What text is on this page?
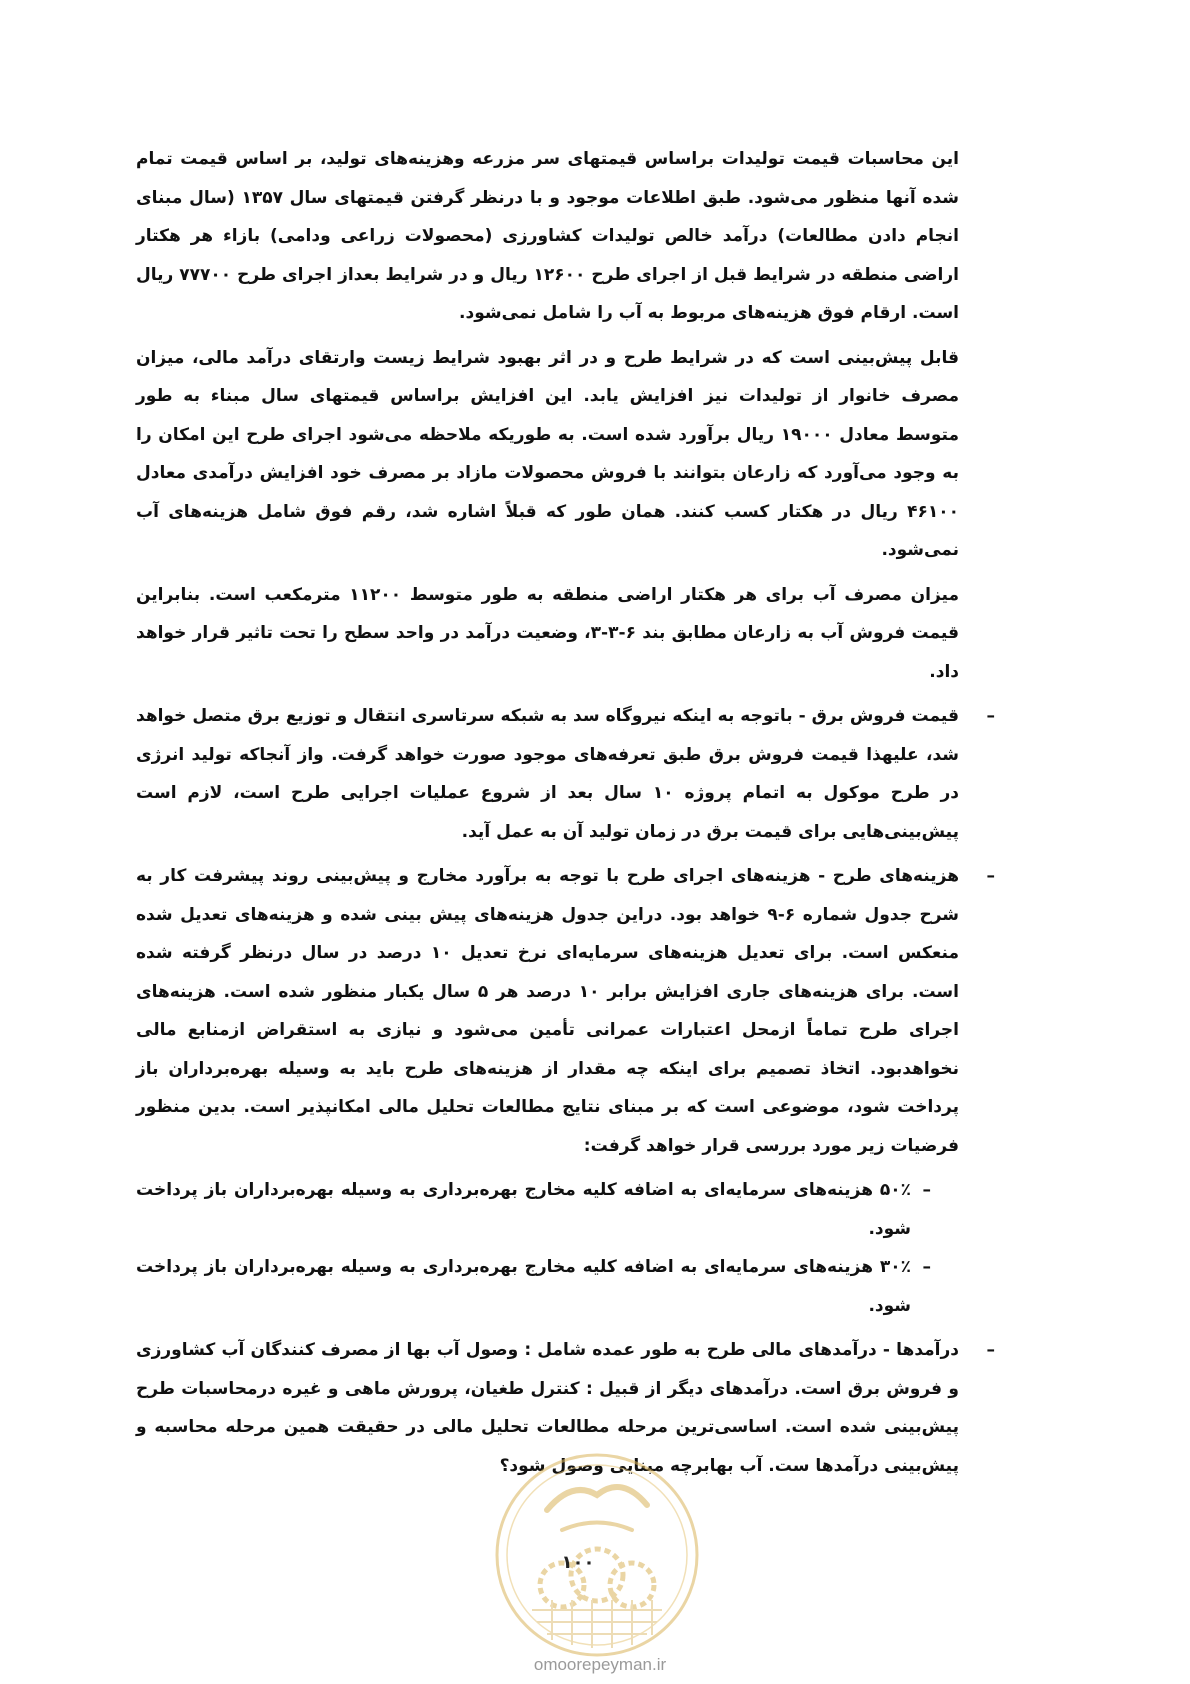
این محاسبات قیمت تولیدات براساس قیمتهای سر مزرعه وهزینه‌های تولید، بر اساس قیمت تمام شده آنها منظور می‌شود. طبق اطلاعات موجود و با درنظر گرفتن قیمتهای سال ۱۳۵۷ (سال مبنای انجام دادن مطالعات) درآمد خالص تولیدات کشاورزی (محصولات زراعی ودامی) بازاء هر هکتار اراضی منطقه در شرایط قبل از اجرای طرح ۱۲۶۰۰ ریال و در شرایط بعداز اجرای طرح ۷۷۷۰۰ ریال است. ارقام فوق هزینه‌های مربوط به آب را شامل نمی‌شود.

قابل پیش‌بینی است که در شرایط طرح و در اثر بهبود شرایط زیست وارتقای درآمد مالی، میزان مصرف خانوار از تولیدات نیز افزایش یابد. این افزایش براساس قیمتهای سال مبناء به طور متوسط معادل ۱۹۰۰۰ ریال برآورد شده است. به طوریکه ملاحظه می‌شود اجرای طرح این امکان را به وجود می‌آورد که زارعان بتوانند با فروش محصولات مازاد بر مصرف خود افزایش درآمدی معادل ۴۶۱۰۰ ریال در هکتار کسب کنند. همان طور که قبلاً اشاره شد، رقم فوق شامل هزینه‌های آب نمی‌شود.

میزان مصرف آب برای هر هکتار اراضی منطقه به طور متوسط ۱۱۲۰۰ مترمکعب است. بنابراین قیمت فروش آب به زارعان مطابق بند ۶-۳-۳، وضعیت درآمد در واحد سطح را تحت تاثیر قرار خواهد داد.

–
قیمت فروش برق - باتوجه به اینکه نیروگاه سد به شبکه سرتاسری انتقال و توزیع برق متصل خواهد شد، علیهذا قیمت فروش برق طبق تعرفه‌های موجود صورت خواهد گرفت. واز آنجاکه تولید انرژی در طرح موکول به اتمام پروژه ۱۰ سال بعد از شروع عملیات اجرایی طرح است، لازم است پیش‌بینی‌هایی برای قیمت برق در زمان تولید آن به عمل آید.
–
هزینه‌های طرح - هزینه‌های اجرای طرح با توجه به برآورد مخارج و پیش‌بینی روند پیشرفت کار به شرح جدول شماره ۶-۹ خواهد بود. دراین جدول هزینه‌های پیش بینی شده و هزینه‌های تعدیل شده منعکس است. برای تعدیل هزینه‌های سرمایه‌ای نرخ تعدیل ۱۰ درصد در سال درنظر گرفته شده است. برای هزینه‌های جاری افزایش برابر ۱۰ درصد هر ۵ سال یکبار منظور شده است. هزینه‌های اجرای طرح تماماً ازمحل اعتبارات عمرانی تأمین می‌شود و نیازی به استقراض ازمنابع مالی نخواهدبود. اتخاذ تصمیم برای اینکه چه مقدار از هزینه‌های طرح باید به وسیله بهره‌برداران باز پرداخت شود، موضوعی است که بر مبنای نتایج مطالعات تحلیل مالی امکانپذیر است. بدین منظور فرضیات زیر مورد بررسی قرار خواهد گرفت:
–
۵۰٪ هزینه‌های سرمایه‌ای به اضافه کلیه مخارج بهره‌برداری به وسیله بهره‌برداران باز پرداخت شود.
–
۳۰٪ هزینه‌های سرمایه‌ای به اضافه کلیه مخارج بهره‌برداری به وسیله بهره‌برداران باز پرداخت شود.
–
درآمدها - درآمدهای مالی طرح به طور عمده شامل : وصول آب بها از مصرف کنندگان آب کشاورزی و فروش برق است. درآمدهای دیگر از قبیل : کنترل طغیان، پرورش ماهی و غیره درمحاسبات طرح پیش‌بینی شده است. اساسی‌ترین مرحله مطالعات تحلیل مالی در حقیقت همین مرحله محاسبه و پیش‌بینی درآمدها ست. آب بهابرچه مبنایی وصول شود؟
۱۰۰
omoorepeyman.ir
